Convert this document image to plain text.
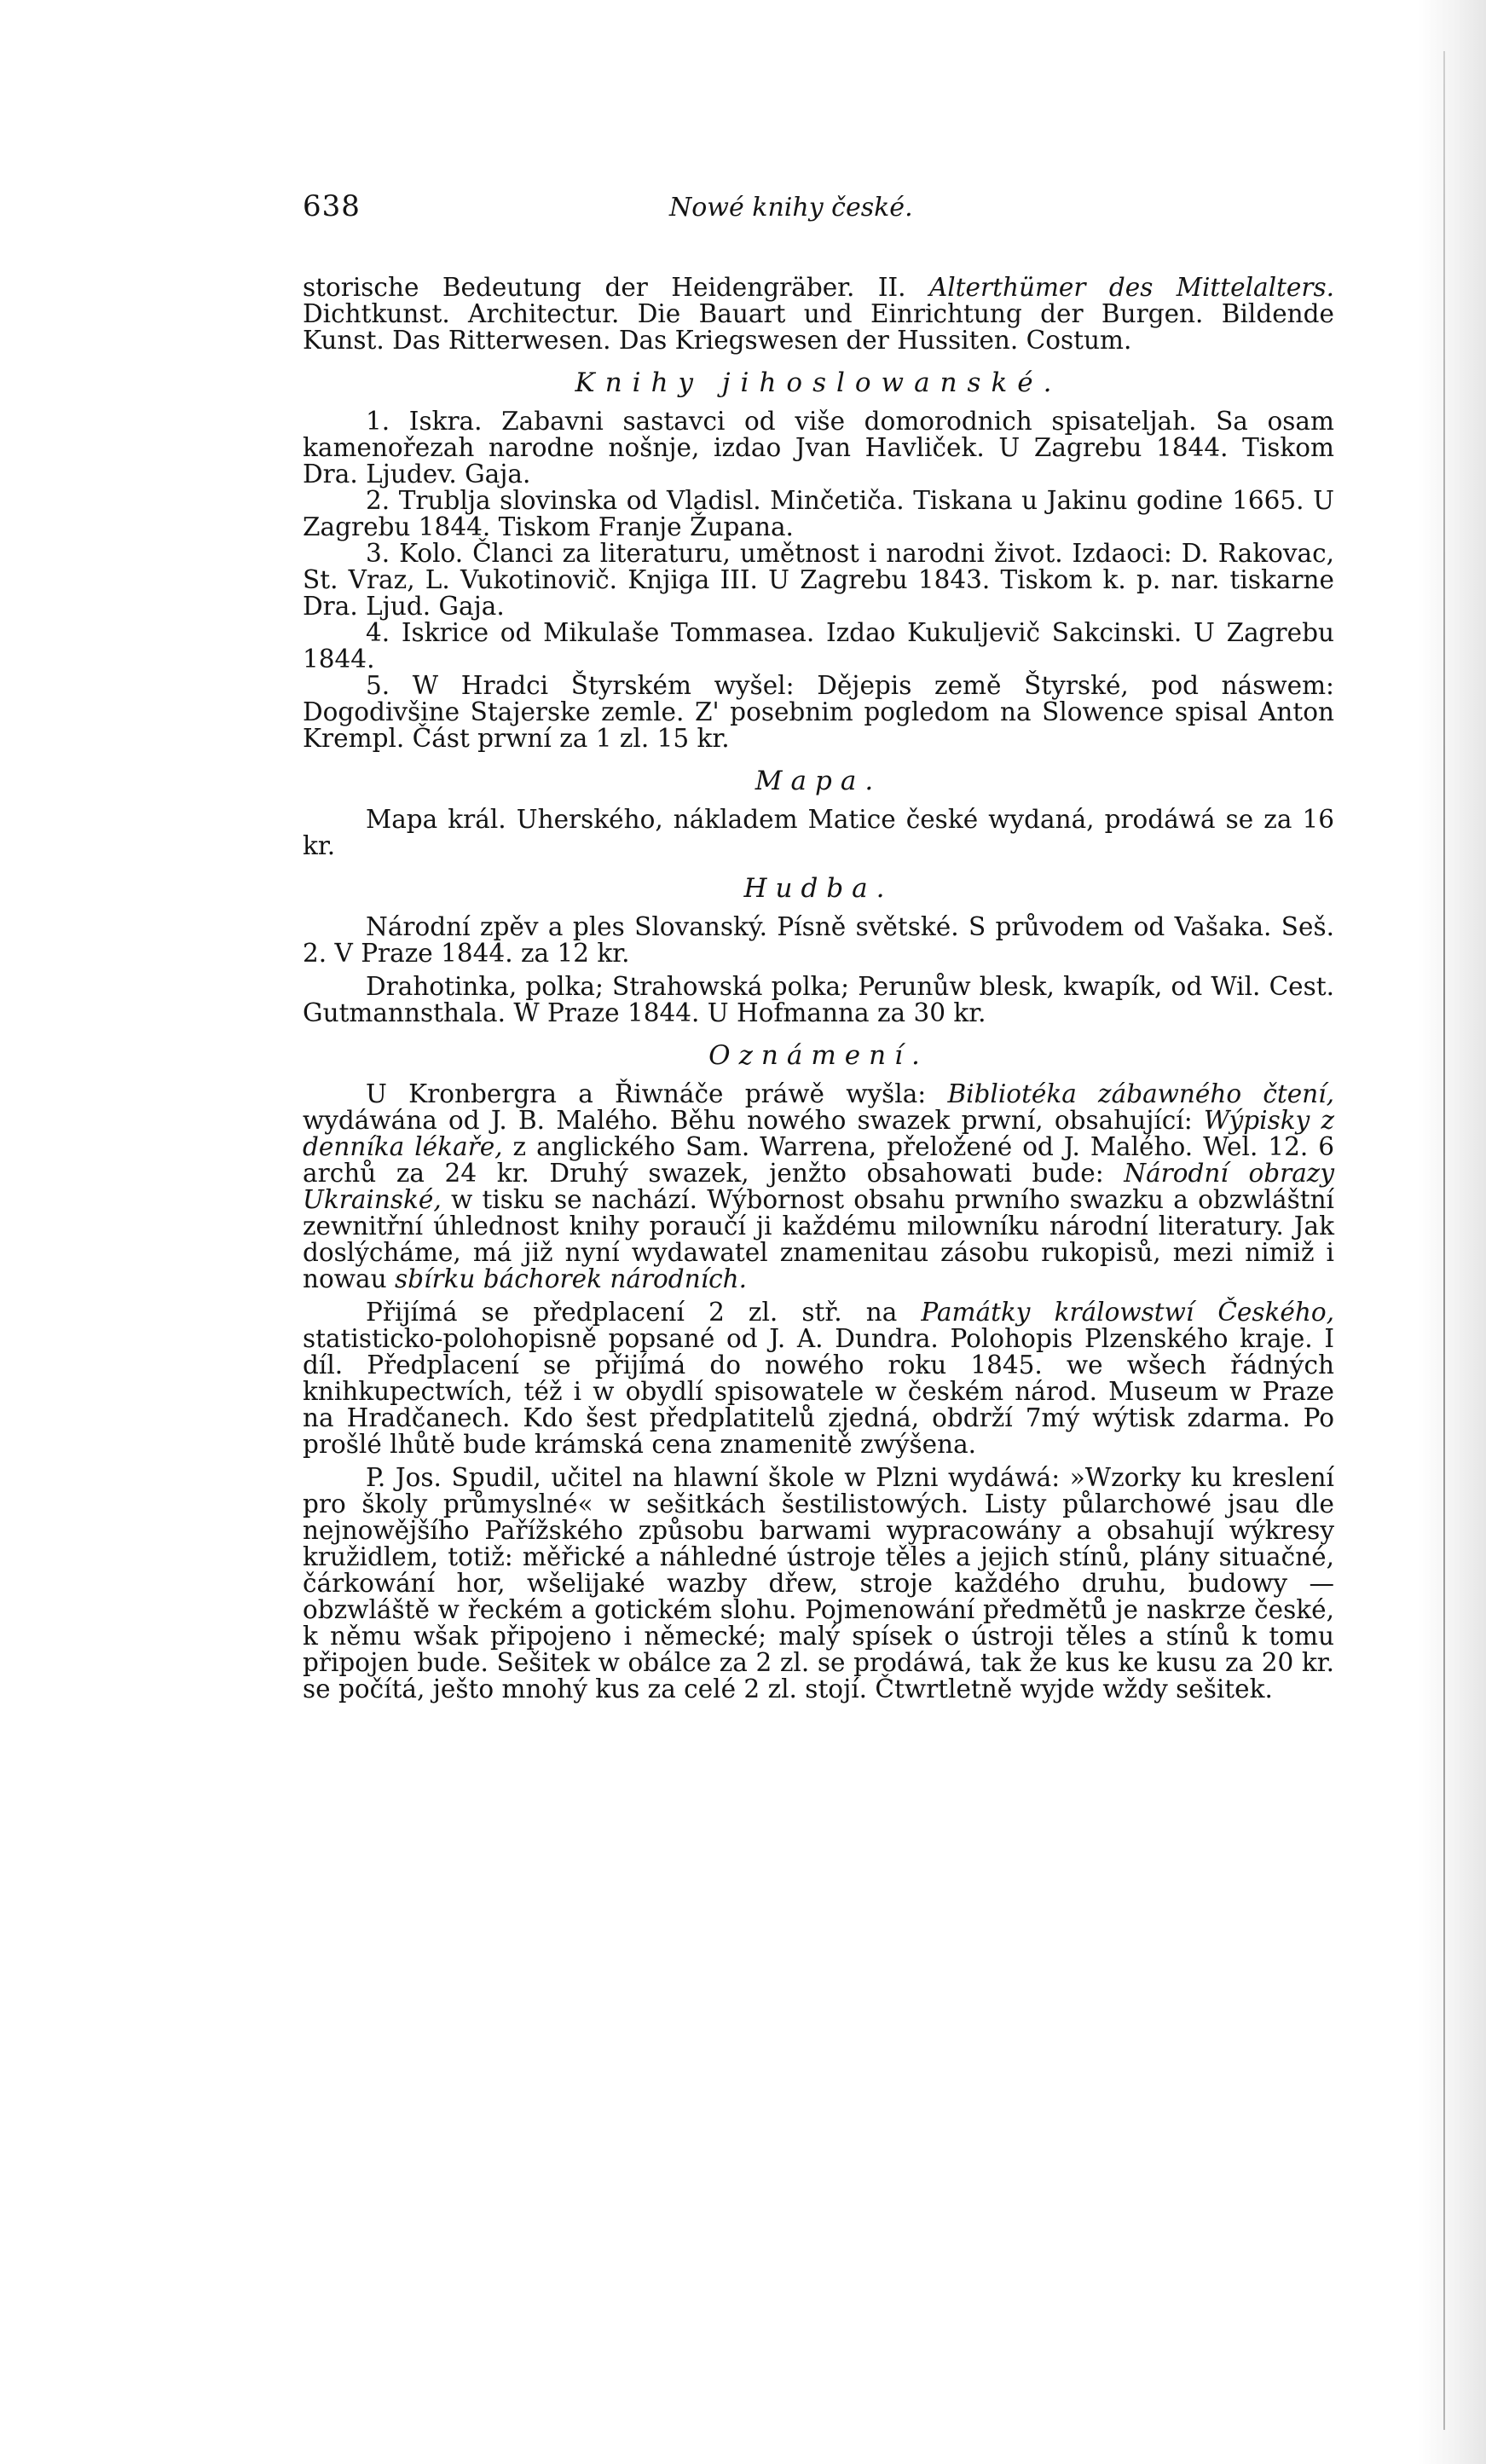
638	Nowé knihy české.

storische Bedeutung der Heidengräber. II. Alterthümer des Mittelalters. Dichtkunst. Architectur. Die Bauart und Einrichtung der Burgen. Bildende Kunst. Das Ritterwesen. Das Kriegswesen der Hussiten. Costum.

Knihy jihoslowanské.

1. Iskra. Zabavni sastavci od više domorodnich spisateljah. Sa osam kamenořezah narodne nošnje, izdao Jvan Havliček. U Zagrebu 1844. Tiskom Dra. Ljudev. Gaja.

2. Trublja slovinska od Vladisl. Minčetiča. Tiskana u Jakinu godine 1665. U Zagrebu 1844. Tiskom Franje Župana.

3. Kolo. Članci za literaturu, umětnost i narodni život. Izdaoci: D. Rakovac, St. Vraz, L. Vukotinovič. Knjiga III. U Zagrebu 1843. Tiskom k. p. nar. tiskarne Dra. Ljud. Gaja.

4. Iskrice od Mikulaše Tommasea. Izdao Kukuljevič Sakcinski. U Zagrebu 1844.

5. W Hradci Štyrském wyšel: Dějepis země Štyrské, pod náswem: Dogodivšine Stajerske zemle. Z' posebnim pogledom na Slowence spisal Anton Krempl. Část prwní za 1 zl. 15 kr.

Mapa.

Mapa král. Uherského, nákladem Matice české wydaná, prodáwá se za 16 kr.

Hudba.

Národní zpěv a ples Slovanský. Písně světské. S průvodem od Vašaka. Seš. 2. V Praze 1844. za 12 kr.

Drahotinka, polka; Strahowská polka; Perunůw blesk, kwapík, od Wil. Cest. Gutmannsthala. W Praze 1844. U Hofmanna za 30 kr.

Oznámení.

U Kronbergra a Řiwnáče práwě wyšla: Bibliotéka zábawného čtení, wydáwána od J. B. Malého. Běhu nowého swazek prwní, obsahující: Wýpisky z denníka lékaře, z anglického Sam. Warrena, přeložené od J. Malého. Wel. 12. 6 archů za 24 kr. Druhý swazek, jenžto obsahowati bude: Národní obrazy Ukrainské, w tisku se nachází. Wýbornost obsahu prwního swazku a obzwláštní zewnitřní úhlednost knihy poraučí ji každému milowníku národní literatury. Jak doslýcháme, má již nyní wydawatel znamenitau zásobu rukopisů, mezi nimiž i nowau sbírku báchorek národních.

Přijímá se předplacení 2 zl. stř. na Památky králowstwí Českého, statisticko-polohopisně popsané od J. A. Dundra. Polohopis Plzenského kraje. I díl. Předplacení se přijímá do nowého roku 1845. we wšech řádných knihkupectwích, též i w obydlí spisowatele w českém národ. Museum w Praze na Hradčanech. Kdo šest předplatitelů zjedná, obdrží 7mý wýtisk zdarma. Po prošlé lhůtě bude krámská cena znamenitě zwýšena.

P. Jos. Spudil, učitel na hlawní škole w Plzni wydáwá: »Wzorky ku kreslení pro školy průmyslné« w sešitkách šestilistowých. Listy půlarchowé jsau dle nejnowějšího Pařížského způsobu barwami wypracowány a obsahují wýkresy kružidlem, totiž: měřické a náhledné ústroje těles a jejich stínů, plány situačné, čárkowání hor, wšelijaké wazby dřew, stroje každého druhu, budowy — obzwláště w řeckém a gotickém slohu. Pojmenowání předmětů je naskrze české, k němu wšak připojeno i německé; malý spísek o ústroji těles a stínů k tomu připojen bude. Sešitek w obálce za 2 zl. se prodáwá, tak že kus ke kusu za 20 kr. se počítá, ješto mnohý kus za celé 2 zl. stojí. Čtwrtletně wyjde wždy sešitek.
